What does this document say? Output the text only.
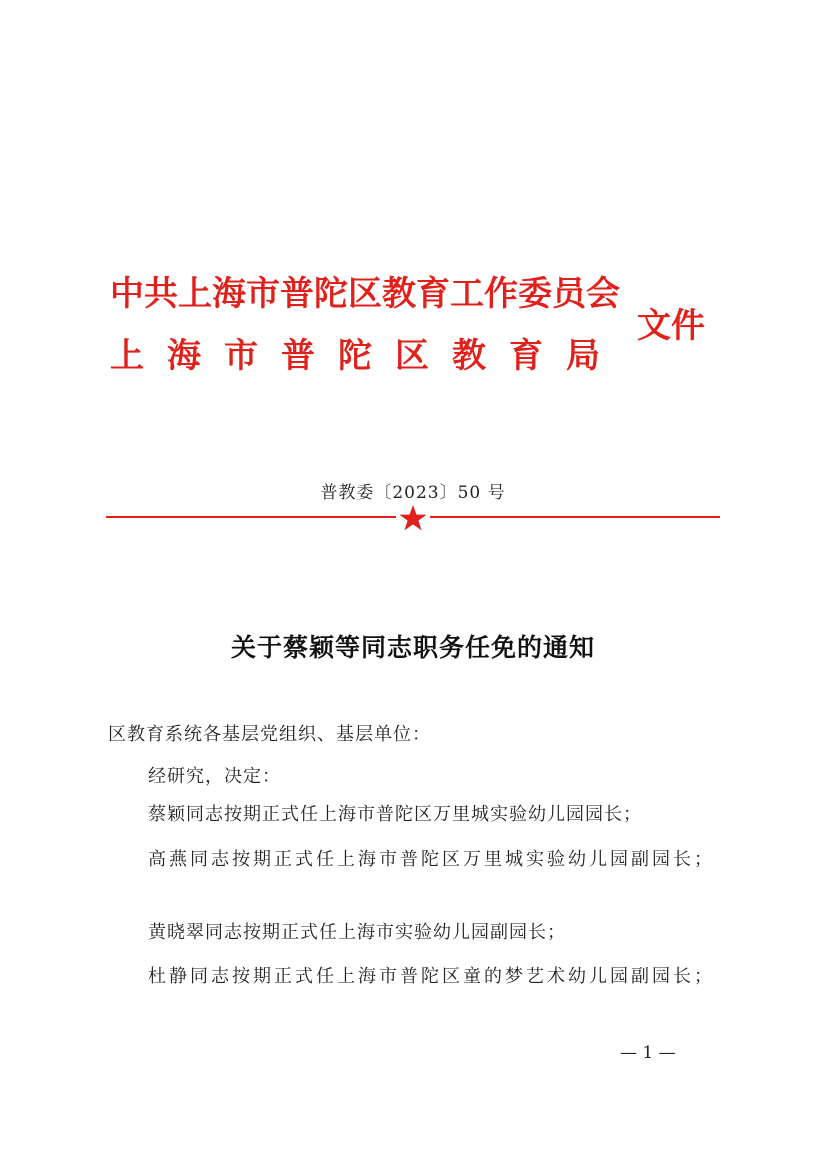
中共上海市普陀区教育工作委员会
上海市普陀区教育局
文件
普教委〔2023〕50 号
关于蔡颖等同志职务任免的通知
区教育系统各基层党组织、基层单位：
经研究，决定：
蔡颖同志按期正式任上海市普陀区万里城实验幼儿园园长；
高燕同志按期正式任上海市普陀区万里城实验幼儿园副园长；
黄晓翠同志按期正式任上海市实验幼儿园副园长；
杜静同志按期正式任上海市普陀区童的梦艺术幼儿园副园长；
— 1 —
